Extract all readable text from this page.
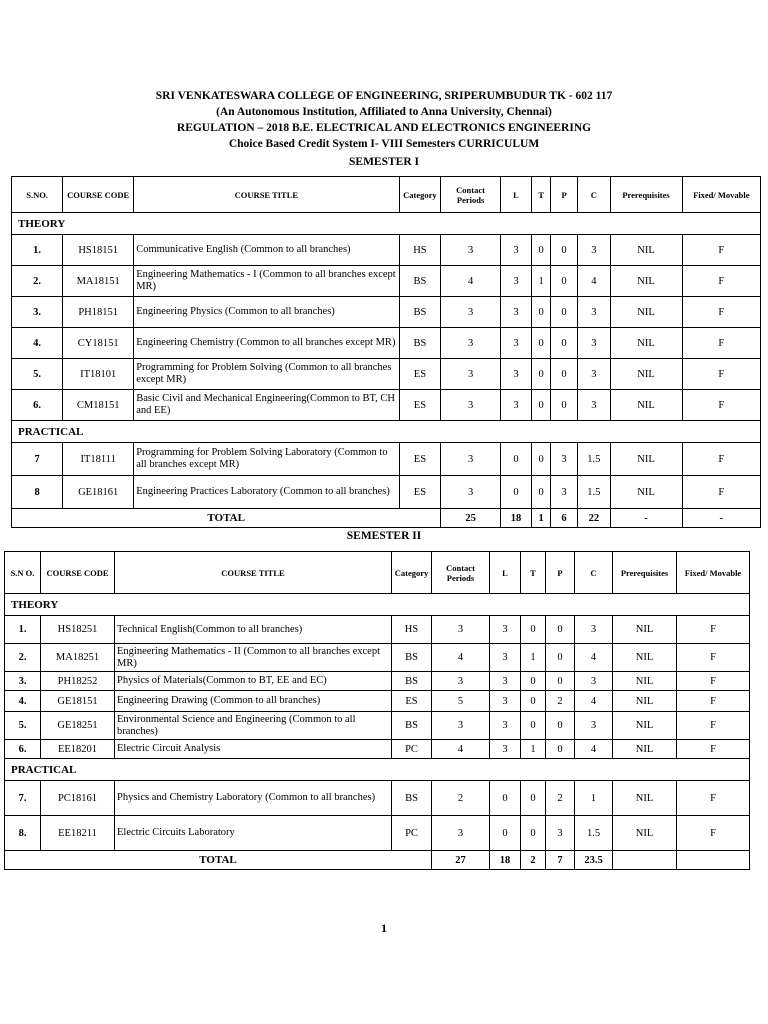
SRI VENKATESWARA COLLEGE OF ENGINEERING, SRIPERUMBUDUR TK - 602 117
(An Autonomous Institution, Affiliated to Anna University, Chennai)
REGULATION – 2018 B.E. ELECTRICAL AND ELECTRONICS ENGINEERING
Choice Based Credit System I- VIII Semesters CURRICULUM
SEMESTER I
S.NO.	COURSE CODE	COURSE TITLE	Category	Contact Periods	L	T	P	C	Prerequisites	Fixed/ Movable
THEORY										
1.	HS18151	Communicative English (Common to all branches)	HS	3	3	0	0	3	NIL	F
2.	MA18151	Engineering Mathematics - I (Common to all branches except MR)	BS	4	3	1	0	4	NIL	F
3.	PH18151	Engineering Physics (Common to all branches)	BS	3	3	0	0	3	NIL	F
4.	CY18151	Engineering Chemistry (Common to all branches except MR)	BS	3	3	0	0	3	NIL	F
5.	IT18101	Programming for Problem Solving (Common to all branches except MR)	ES	3	3	0	0	3	NIL	F
6.	CM18151	Basic Civil and Mechanical Engineering(Common to BT, CH and EE)	ES	3	3	0	0	3	NIL	F
PRACTICAL										
7	IT18111	Programming for Problem Solving Laboratory (Common to all branches except MR)	ES	3	0	0	3	1.5	NIL	F
8	GE18161	Engineering Practices Laboratory (Common to all branches)	ES	3	0	0	3	1.5	NIL	F
TOTAL				25	18	1	6	22	-	-
SEMESTER II
S.N O.	COURSE CODE	COURSE TITLE	Category	Contact Periods	L	T	P	C	Prerequisites	Fixed/ Movable
THEORY										
1.	HS18251	Technical English(Common to all branches)	HS	3	3	0	0	3	NIL	F
2.	MA18251	Engineering Mathematics - II (Common to all branches except MR)	BS	4	3	1	0	4	NIL	F
3.	PH18252	Physics of Materials(Common to BT, EE and EC)	BS	3	3	0	0	3	NIL	F
4.	GE18151	Engineering Drawing (Common to all branches)	ES	5	3	0	2	4	NIL	F
5.	GE18251	Environmental Science and Engineering (Common to all branches)	BS	3	3	0	0	3	NIL	F
6.	EE18201	Electric Circuit Analysis	PC	4	3	1	0	4	NIL	F
PRACTICAL										
7.	PC18161	Physics and Chemistry Laboratory (Common to all branches)	BS	2	0	0	2	1	NIL	F
8.	EE18211	Electric Circuits Laboratory	PC	3	0	0	3	1.5	NIL	F
TOTAL				27	18	2	7	23.5		
1
